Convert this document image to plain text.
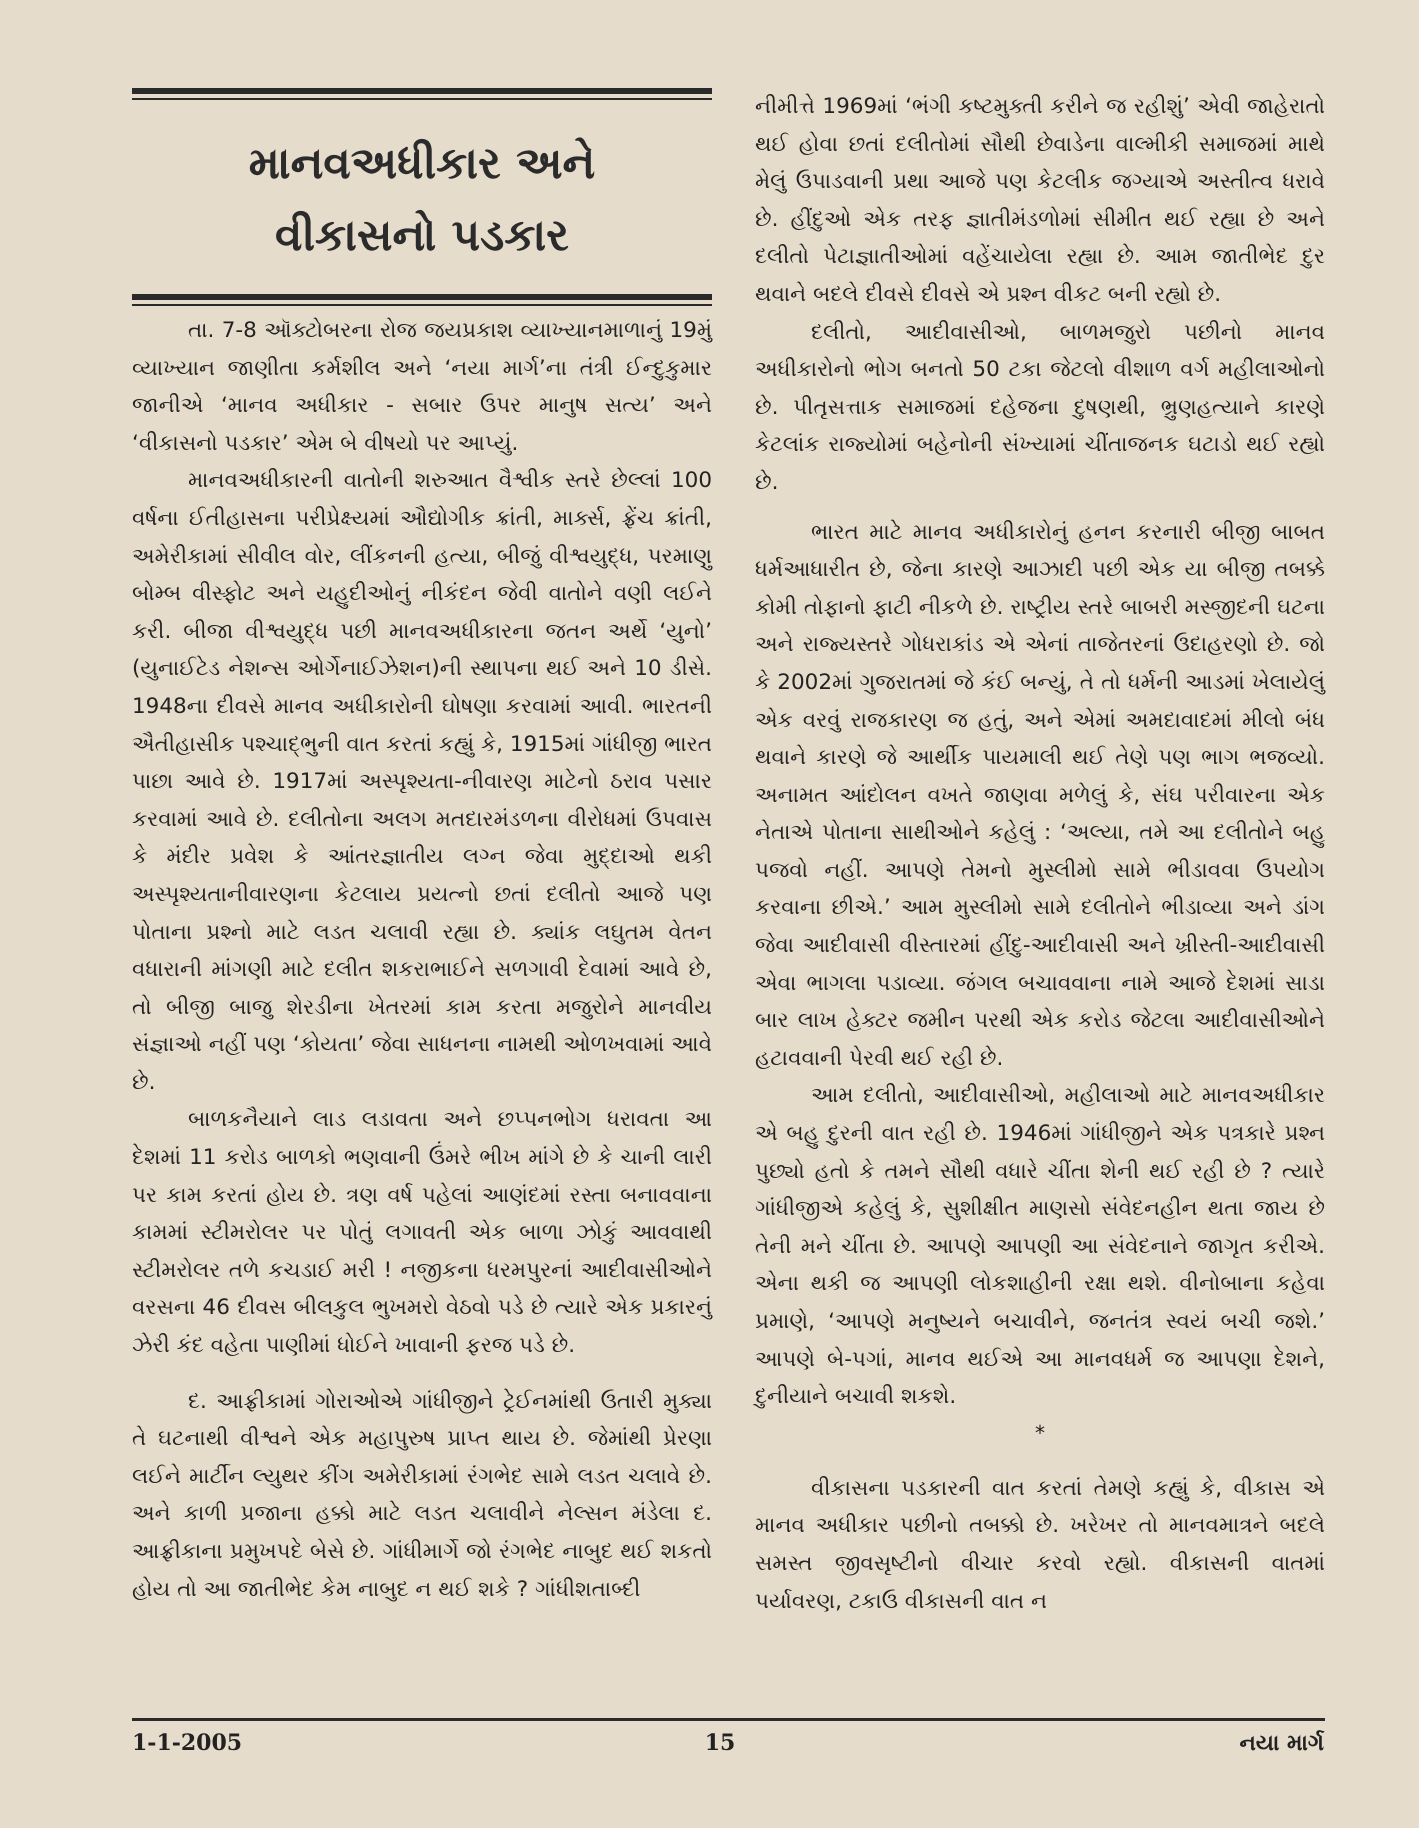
માનવઅધીકાર અને
વીકાસનો પડકાર

તા. 7-8 ઑક્ટોબરના રોજ જયપ્રકાશ વ્યાખ્યાનમાળાનું 19મું વ્યાખ્યાન જાણીતા કર્મશીલ અને ‘નયા માર્ગ’ના તંત્રી ઈન્દુકુમાર જાનીએ ‘માનવ અધીકાર - સબાર ઉપર માનુષ સત્ય’ અને ‘વીકાસનો પડકાર’ એમ બે વીષયો પર આપ્યું.

માનવઅધીકારની વાતોની શરુઆત વૈશ્વીક સ્તરે છેલ્લાં 100 વર્ષના ઈતીહાસના પરીપ્રેક્ષ્યમાં ઔદ્યોગીક ક્રાંતી, માર્ક્સ, ફ્રેંચ ક્રાંતી, અમેરીકામાં સીવીલ વોર, લીંકનની હત્યા, બીજું વીશ્વયુદ્ધ, પરમાણુ બોમ્બ વીસ્ફોટ અને યહુદીઓનું નીકંદન જેવી વાતોને વણી લઈને કરી. બીજા વીશ્વયુદ્ધ પછી માનવઅધીકારના જતન અર્થે ‘યુનો’ (યુનાઈટેડ નેશન્સ ઓર્ગેનાઈઝેશન)ની સ્થાપના થઈ અને 10 ડીસે. 1948ના દીવસે માનવ અધીકારોની ઘોષણા કરવામાં આવી. ભારતની ઐતીહાસીક પશ્ચાદ્ભુની વાત કરતાં કહ્યું કે, 1915માં ગાંધીજી ભારત પાછા આવે છે. 1917માં અસ્પૃશ્યતા-નીવારણ માટેનો ઠરાવ પસાર કરવામાં આવે છે. દલીતોના અલગ મતદારમંડળના વીરોધમાં ઉપવાસ કે મંદીર પ્રવેશ કે આંતરજ્ઞાતીય લગ્ન જેવા મુદ્દાઓ થકી અસ્પૃશ્યતાનીવારણના કેટલાય પ્રયત્નો છતાં દલીતો આજે પણ પોતાના પ્રશ્નો માટે લડત ચલાવી રહ્યા છે. ક્યાંક લઘુતમ વેતન વધારાની માંગણી માટે દલીત શકરાભાઈને સળગાવી દેવામાં આવે છે, તો બીજી બાજુ શેરડીના ખેતરમાં કામ કરતા મજુરોને માનવીય સંજ્ઞાઓ નહીં પણ ‘કોયતા’ જેવા સાધનના નામથી ઓળખવામાં આવે છે.

બાળકનૈયાને લાડ લડાવતા અને છપ્પનભોગ ધરાવતા આ દેશમાં 11 કરોડ બાળકો ભણવાની ઉંમરે ભીખ માંગે છે કે ચાની લારી પર કામ કરતાં હોય છે. ત્રણ વર્ષ પહેલાં આણંદમાં રસ્તા બનાવવાના કામમાં સ્ટીમરોલર પર પોતું લગાવતી એક બાળા ઝોકું આવવાથી સ્ટીમરોલર તળે કચડાઈ મરી ! નજીકના ધરમપુરનાં આદીવાસીઓને વરસના 46 દીવસ બીલકુલ ભુખમરો વેઠવો પડે છે ત્યારે એક પ્રકારનું ઝેરી કંદ વહેતા પાણીમાં ધોઈને ખાવાની ફરજ પડે છે.

દ. આફ્રીકામાં ગોરાઓએ ગાંધીજીને ટ્રેઈનમાંથી ઉતારી મુક્યા તે ઘટનાથી વીશ્વને એક મહાપુરુષ પ્રાપ્ત થાય છે. જેમાંથી પ્રેરણા લઈને માર્ટીન લ્યુથર કીંગ અમેરીકામાં રંગભેદ સામે લડત ચલાવે છે. અને કાળી પ્રજાના હક્કો માટે લડત ચલાવીને નેલ્સન મંડેલા દ. આફ્રીકાના પ્રમુખપદે બેસે છે. ગાંધીમાર્ગે જો રંગભેદ નાબુદ થઈ શકતો હોય તો આ જાતીભેદ કેમ નાબુદ ન થઈ શકે ? ગાંધીશતાબ્દી

નીમીત્તે 1969માં ‘ભંગી કષ્ટમુક્તી કરીને જ રહીશું’ એવી જાહેરાતો થઈ હોવા છતાં દલીતોમાં સૌથી છેવાડેના વાલ્મીકી સમાજમાં માથે મેલું ઉપાડવાની પ્રથા આજે પણ કેટલીક જગ્યાએ અસ્તીત્વ ધરાવે છે. હીંદુઓ એક તરફ જ્ઞાતીમંડળોમાં સીમીત થઈ રહ્યા છે અને દલીતો પેટાજ્ઞાતીઓમાં વહેંચાયેલા રહ્યા છે. આમ જાતીભેદ દુર થવાને બદલે દીવસે દીવસે એ પ્રશ્ન વીકટ બની રહ્યો છે.

દલીતો, આદીવાસીઓ, બાળમજુરો પછીનો માનવ અધીકારોનો ભોગ બનતો 50 ટકા જેટલો વીશાળ વર્ગ મહીલાઓનો છે. પીતૃસત્તાક સમાજમાં દહેજના દુષણથી, ભ્રુણહત્યાને કારણે કેટલાંક રાજ્યોમાં બહેનોની સંખ્યામાં ચીંતાજનક ઘટાડો થઈ રહ્યો છે.

ભારત માટે માનવ અધીકારોનું હનન કરનારી બીજી બાબત ધર્મઆધારીત છે, જેના કારણે આઝાદી પછી એક યા બીજી તબક્કે કોમી તોફાનો ફાટી નીકળે છે. રાષ્ટ્રીય સ્તરે બાબરી મસ્જીદની ઘટના અને રાજ્યસ્તરે ગોધરાકાંડ એ એનાં તાજેતરનાં ઉદાહરણો છે. જો કે 2002માં ગુજરાતમાં જે કંઈ બન્યું, તે તો ધર્મની આડમાં ખેલાયેલું એક વરવું રાજકારણ જ હતું, અને એમાં અમદાવાદમાં મીલો બંધ થવાને કારણે જે આર્થીક પાયમાલી થઈ તેણે પણ ભાગ ભજવ્યો. અનામત આંદોલન વખતે જાણવા મળેલું કે, સંઘ પરીવારના એક નેતાએ પોતાના સાથીઓને કહેલું : ‘અલ્યા, તમે આ દલીતોને બહુ પજવો નહીં. આપણે તેમનો મુસ્લીમો સામે ભીડાવવા ઉપયોગ કરવાના છીએ.’ આમ મુસ્લીમો સામે દલીતોને ભીડાવ્યા અને ડાંગ જેવા આદીવાસી વીસ્તારમાં હીંદુ-આદીવાસી અને ખ્રીસ્તી-આદીવાસી એવા ભાગલા પડાવ્યા. જંગલ બચાવવાના નામે આજે દેશમાં સાડા બાર લાખ હેક્ટર જમીન પરથી એક કરોડ જેટલા આદીવાસીઓને હટાવવાની પેરવી થઈ રહી છે.

આમ દલીતો, આદીવાસીઓ, મહીલાઓ માટે માનવઅધીકાર એ બહુ દુરની વાત રહી છે. 1946માં ગાંધીજીને એક પત્રકારે પ્રશ્ન પુછ્યો હતો કે તમને સૌથી વધારે ચીંતા શેની થઈ રહી છે ? ત્યારે ગાંધીજીએ કહેલું કે, સુશીક્ષીત માણસો સંવેદનહીન થતા જાય છે તેની મને ચીંતા છે. આપણે આપણી આ સંવેદનાને જાગૃત કરીએ. એના થકી જ આપણી લોકશાહીની રક્ષા થશે. વીનોબાના કહેવા પ્રમાણે, ‘આપણે મનુષ્યને બચાવીને, જનતંત્ર સ્વયં બચી જશે.’ આપણે બે-પગાં, માનવ થઈએ આ માનવધર્મ જ આપણા દેશને, દુનીયાને બચાવી શકશે.

*

વીકાસના પડકારની વાત કરતાં તેમણે કહ્યું કે, વીકાસ એ માનવ અધીકાર પછીનો તબક્કો છે. ખરેખર તો માનવમાત્રને બદલે સમસ્ત જીવસૃષ્ટીનો વીચાર કરવો રહ્યો. વીકાસની વાતમાં પર્યાવરણ, ટકાઉ વીકાસની વાત ન

1-1-2005	15	નયા માર્ગ
